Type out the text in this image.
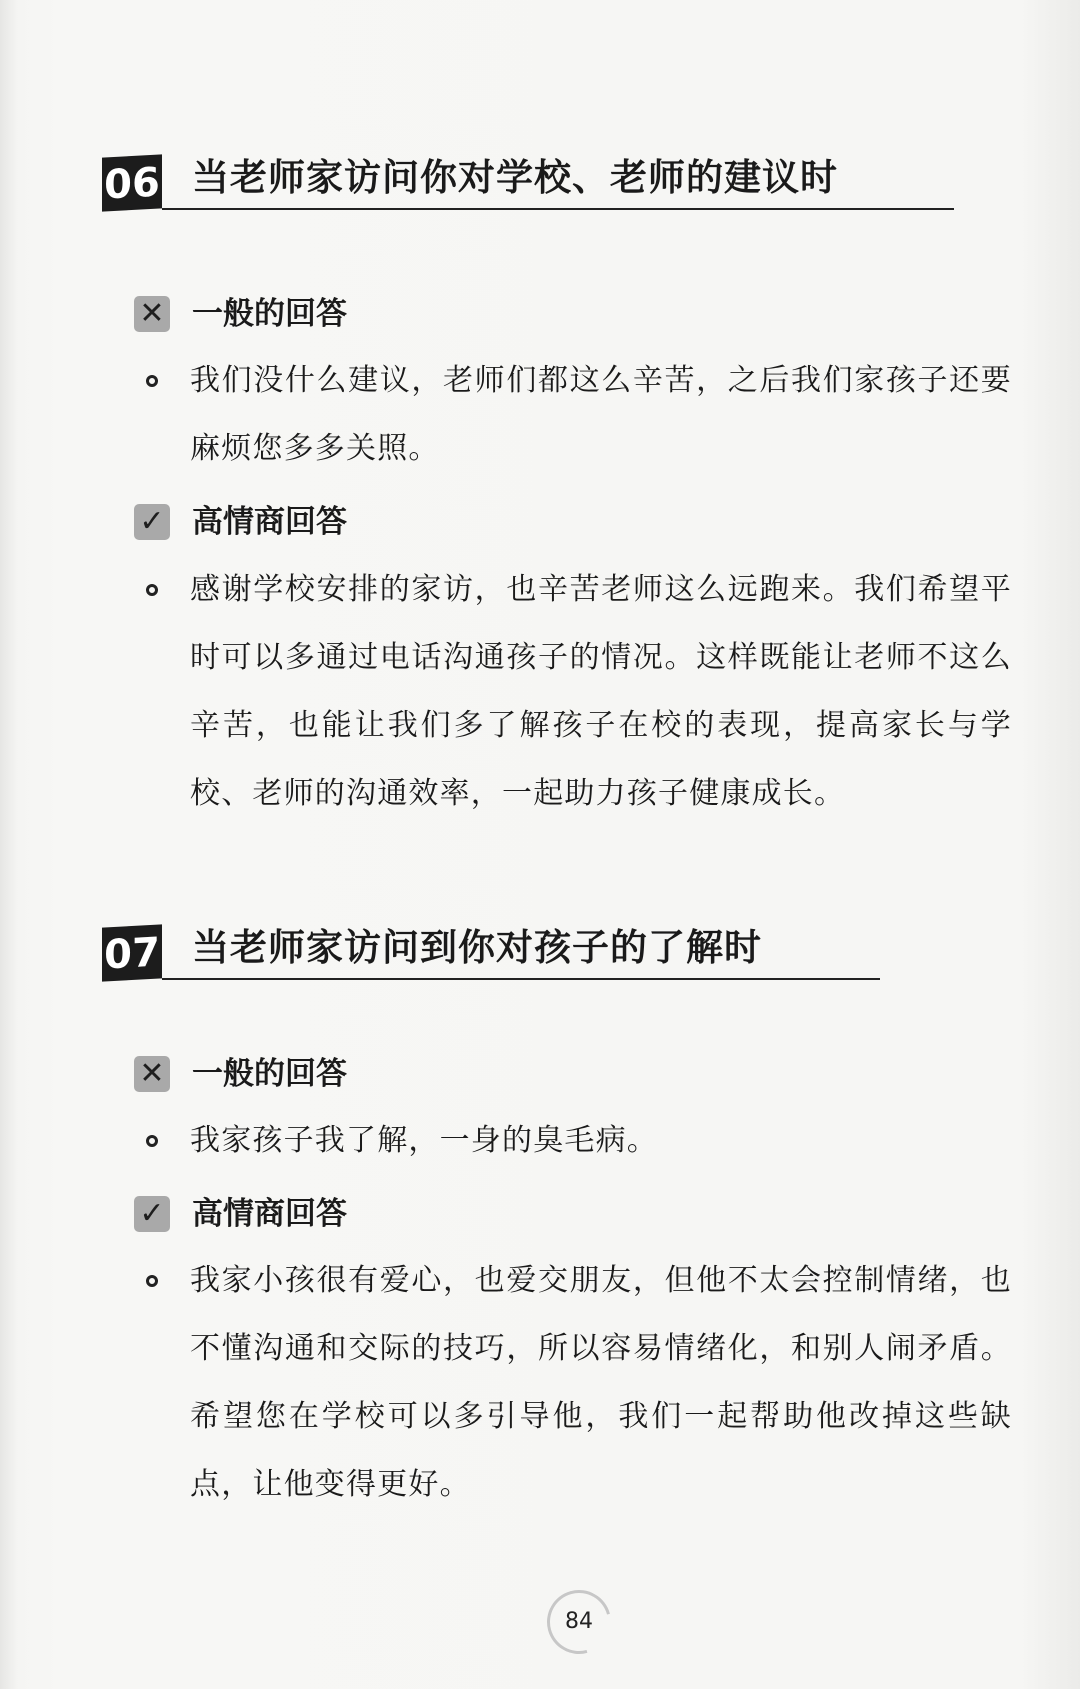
06 当老师家访问你对学校、老师的建议时
✕ 一般的回答
我们没什么建议，老师们都这么辛苦，之后我们家孩子还要麻烦您多多关照。
✓ 高情商回答
感谢学校安排的家访，也辛苦老师这么远跑来。我们希望平时可以多通过电话沟通孩子的情况。这样既能让老师不这么辛苦，也能让我们多了解孩子在校的表现，提高家长与学校、老师的沟通效率，一起助力孩子健康成长。
07 当老师家访问到你对孩子的了解时
✕ 一般的回答
我家孩子我了解，一身的臭毛病。
✓ 高情商回答
我家小孩很有爱心，也爱交朋友，但他不太会控制情绪，也不懂沟通和交际的技巧，所以容易情绪化，和别人闹矛盾。希望您在学校可以多引导他，我们一起帮助他改掉这些缺点，让他变得更好。
84
